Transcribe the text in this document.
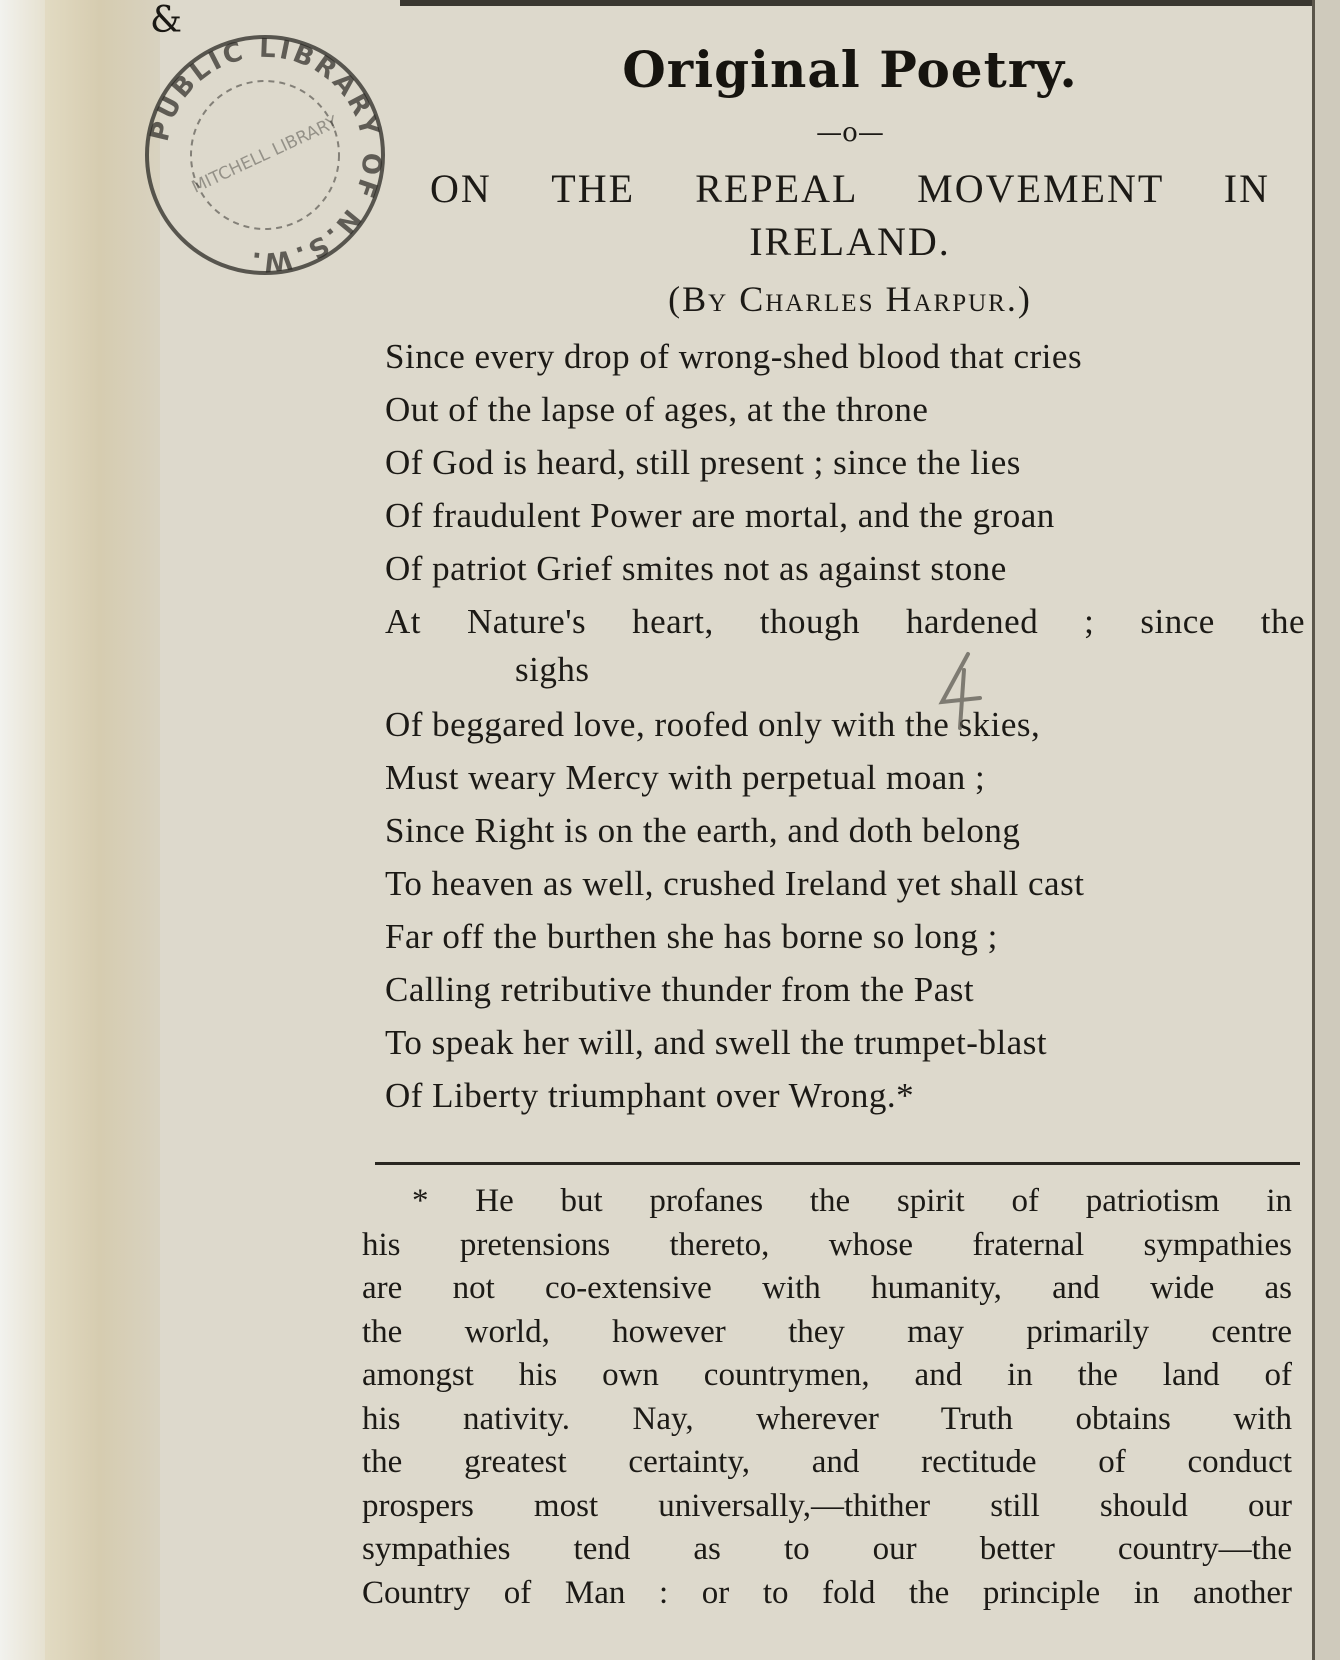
&
PUBLIC LIBRARY OF N.S.W.
MITCHELL LIBRARY
Original Poetry.
—o—
ON THE REPEAL MOVEMENT IN
IRELAND.
(By Charles Harpur.)
Since every drop of wrong-shed blood that cries
Out of the lapse of ages, at the throne
Of God is heard, still present ; since the lies
Of fraudulent Power are mortal, and the groan
Of patriot Grief smites not as against stone
At Nature's heart, though hardened ; since the
sighs
Of beggared love, roofed only with the skies,
Must weary Mercy with perpetual moan ;
Since Right is on the earth, and doth belong
To heaven as well, crushed Ireland yet shall cast
Far off the burthen she has borne so long ;
Calling retributive thunder from the Past
To speak her will, and swell the trumpet-blast
Of Liberty triumphant over Wrong.*
* He but profanes the spirit of patriotism in
his pretensions thereto, whose fraternal sympathies
are not co-extensive with humanity, and wide as
the world, however they may primarily centre
amongst his own countrymen, and in the land of
his nativity. Nay, wherever Truth obtains with
the greatest certainty, and rectitude of conduct
prospers most universally,—thither still should our
sympathies tend as to our better country—the
Country of Man : or to fold the principle in another
